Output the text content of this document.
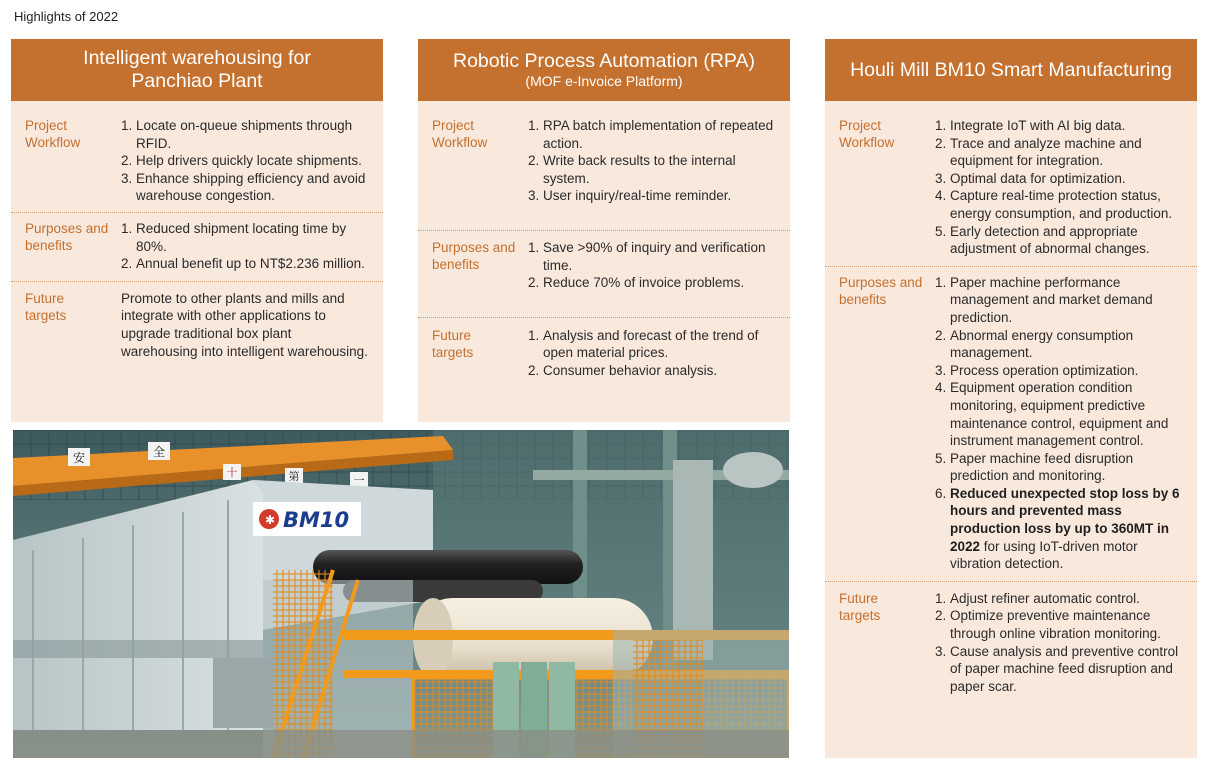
Highlights of 2022
Intelligent warehousing for Panchiao Plant
Project Workflow
1. Locate on-queue shipments through RFID.
2. Help drivers quickly locate shipments.
3. Enhance shipping efficiency and avoid warehouse congestion.
Purposes and benefits
1. Reduced shipment locating time by 80%.
2. Annual benefit up to NT$2.236 million.
Future targets
Promote to other plants and mills and integrate with other applications to upgrade traditional box plant warehousing into intelligent warehousing.
Robotic Process Automation (RPA)
(MOF e-Invoice Platform)
Project Workflow
1. RPA batch implementation of repeated action.
2. Write back results to the internal system.
3. User inquiry/real-time reminder.
Purposes and benefits
1. Save >90% of inquiry and verification time.
2. Reduce 70% of invoice problems.
Future targets
1. Analysis and forecast of the trend of open material prices.
2. Consumer behavior analysis.
Houli Mill BM10 Smart Manufacturing
Project Workflow
1. Integrate IoT with AI big data.
2. Trace and analyze machine and equipment for integration.
3. Optimal data for optimization.
4. Capture real-time protection status, energy consumption, and production.
5. Early detection and appropriate adjustment of abnormal changes.
Purposes and benefits
1. Paper machine performance management and market demand prediction.
2. Abnormal energy consumption management.
3. Process operation optimization.
4. Equipment operation condition monitoring, equipment predictive maintenance control, equipment and instrument management control.
5. Paper machine feed disruption prediction and monitoring.
6. Reduced unexpected stop loss by 6 hours and prevented mass production loss by up to 360MT in 2022 for using IoT-driven motor vibration detection.
Future targets
1. Adjust refiner automatic control.
2. Optimize preventive maintenance through online vibration monitoring.
3. Cause analysis and preventive control of paper machine feed disruption and paper scar.
安	全
十	第	一
✱ BM10
